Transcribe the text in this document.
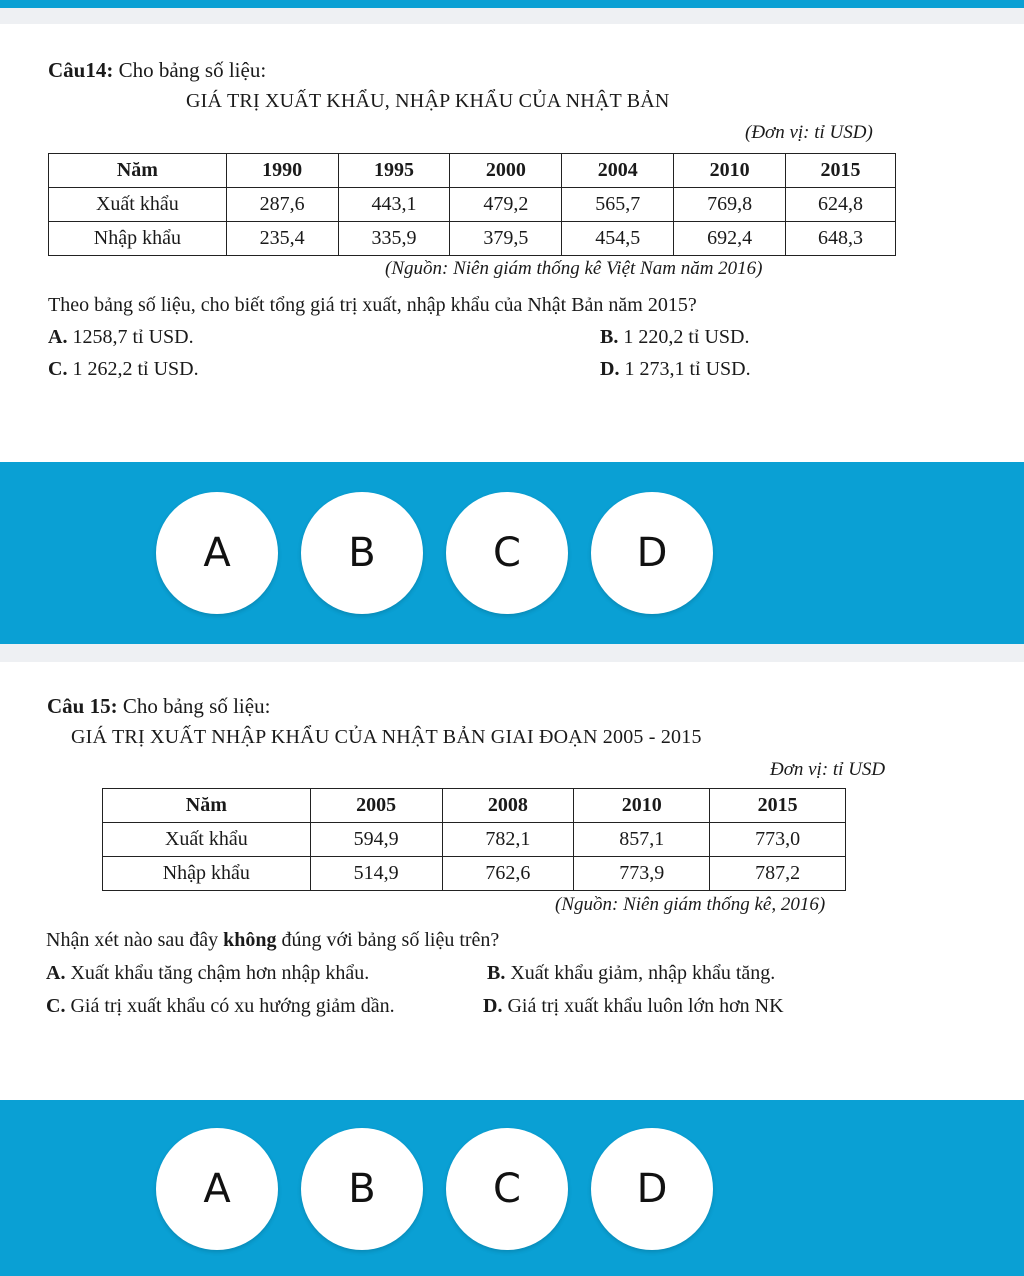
Câu14: Cho bảng số liệu:
GIÁ TRỊ XUẤT KHẨU, NHẬP KHẨU CỦA NHẬT BẢN
(Đơn vị: tỉ USD)
Năm	1990	1995	2000	2004	2010	2015
Xuất khẩu	287,6	443,1	479,2	565,7	769,8	624,8
Nhập khẩu	235,4	335,9	379,5	454,5	692,4	648,3
(Nguồn: Niên giám thống kê Việt Nam năm 2016)
Theo bảng số liệu, cho biết tổng giá trị xuất, nhập khẩu của Nhật Bản năm 2015?
A. 1258,7 tỉ USD.	B. 1 220,2 tỉ USD.
C. 1 262,2 tỉ USD.	D. 1 273,1 tỉ USD.
A	B	C	D
Câu 15: Cho bảng số liệu:
GIÁ TRỊ XUẤT NHẬP KHẨU CỦA NHẬT BẢN GIAI ĐOẠN 2005 - 2015
Đơn vị: tỉ USD
Năm	2005	2008	2010	2015
Xuất khẩu	594,9	782,1	857,1	773,0
Nhập khẩu	514,9	762,6	773,9	787,2
(Nguồn: Niên giám thống kê, 2016)
Nhận xét nào sau đây không đúng với bảng số liệu trên?
A. Xuất khẩu tăng chậm hơn nhập khẩu.	B. Xuất khẩu giảm, nhập khẩu tăng.
C. Giá trị xuất khẩu có xu hướng giảm dần.	D. Giá trị xuất khẩu luôn lớn hơn NK
A	B	C	D
